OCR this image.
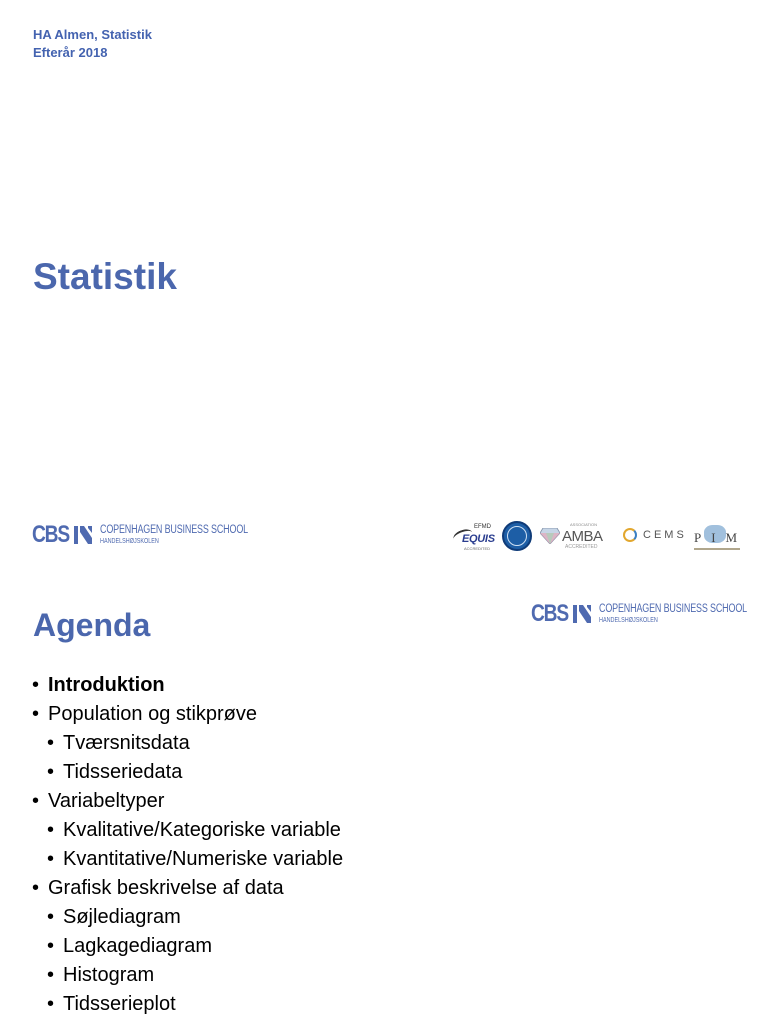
HA Almen, Statistik
Efterår 2018
Statistik
CBS	COPENHAGEN BUSINESS SCHOOL
HANDELSHØJSKOLEN
EFMD
EQUIS
ACCREDITED
ASSOCIATION
AMBA
ACCREDITED
CEMS PIM
Agenda	CBS	COPENHAGEN BUSINESS SCHOOL
HANDELSHØJSKOLEN
• Introduktion
• Population og stikprøve
• Tværsnitsdata
• Tidsseriedata
• Variabeltyper
• Kvalitative/Kategoriske variable
• Kvantitative/Numeriske variable
• Grafisk beskrivelse af data
• Søjlediagram
• Lagkagediagram
• Histogram
• Tidsserieplot
